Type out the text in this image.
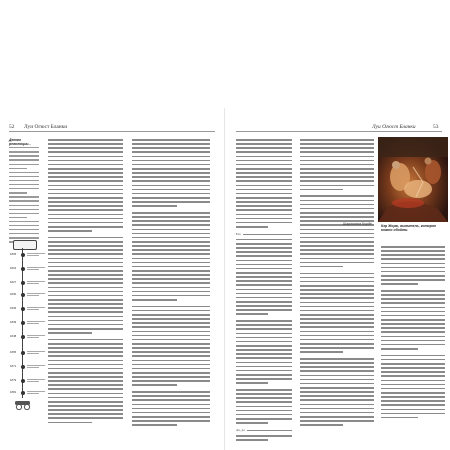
52 Луи Огюст Бланки	Луи Огюст Бланки	53
Детям революции...
1805
1816
1827
1830
1836
1839
1848
1865
1871
1879
1881
Его
Ах, да
Шарлотта Корде	Кэр Жорж, выпитель, которое можно обойти.
